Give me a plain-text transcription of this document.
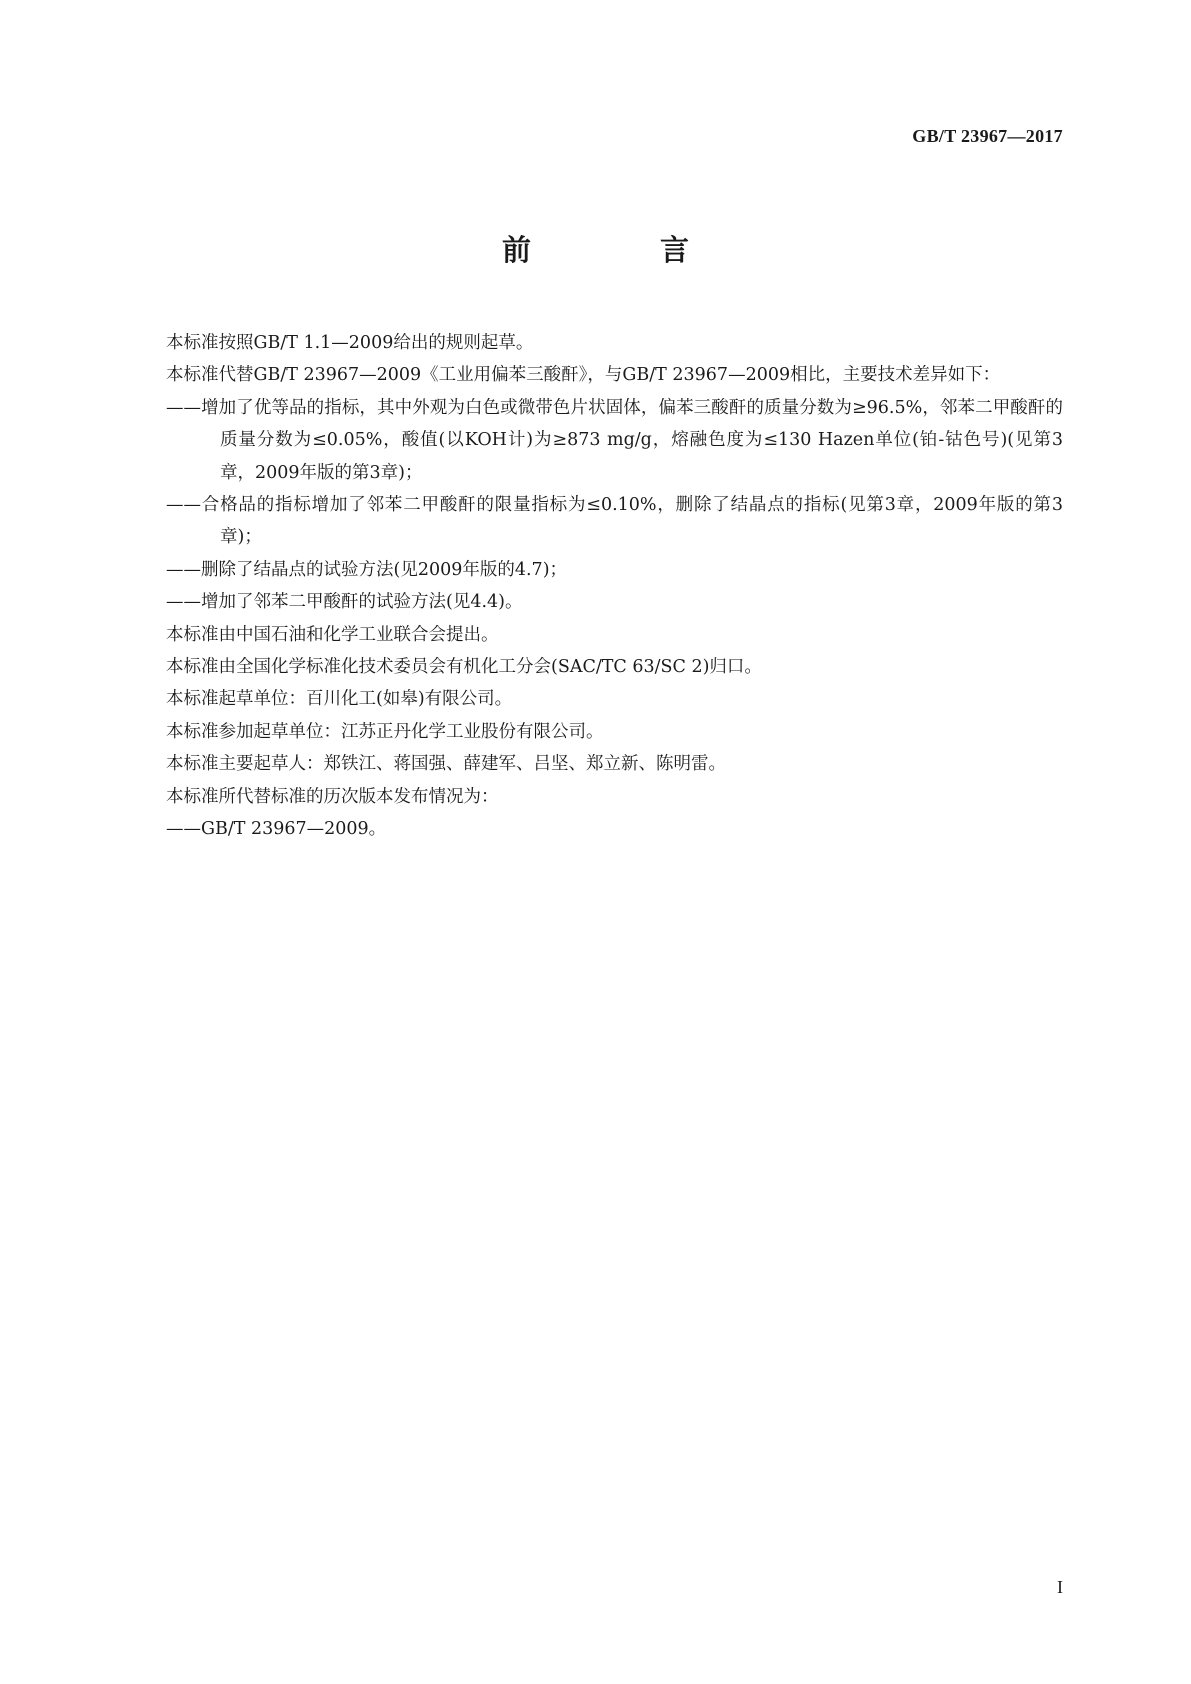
GB/T 23967—2017
前　言

本标准按照GB/T 1.1—2009给出的规则起草。

本标准代替GB/T 23967—2009《工业用偏苯三酸酐》，与GB/T 23967—2009相比，主要技术差异如下：

——增加了优等品的指标，其中外观为白色或微带色片状固体，偏苯三酸酐的质量分数为≥96.5%，邻苯二甲酸酐的质量分数为≤0.05%，酸值(以KOH计)为≥873 mg/g，熔融色度为≤130 Hazen单位(铂-钴色号)(见第3章，2009年版的第3章)；

——合格品的指标增加了邻苯二甲酸酐的限量指标为≤0.10%，删除了结晶点的指标(见第3章，2009年版的第3章)；

——删除了结晶点的试验方法(见2009年版的4.7)；

——增加了邻苯二甲酸酐的试验方法(见4.4)。

本标准由中国石油和化学工业联合会提出。

本标准由全国化学标准化技术委员会有机化工分会(SAC/TC 63/SC 2)归口。

本标准起草单位：百川化工(如皋)有限公司。

本标准参加起草单位：江苏正丹化学工业股份有限公司。

本标准主要起草人：郑铁江、蒋国强、薛建军、吕坚、郑立新、陈明雷。

本标准所代替标准的历次版本发布情况为：

——GB/T 23967—2009。

I
